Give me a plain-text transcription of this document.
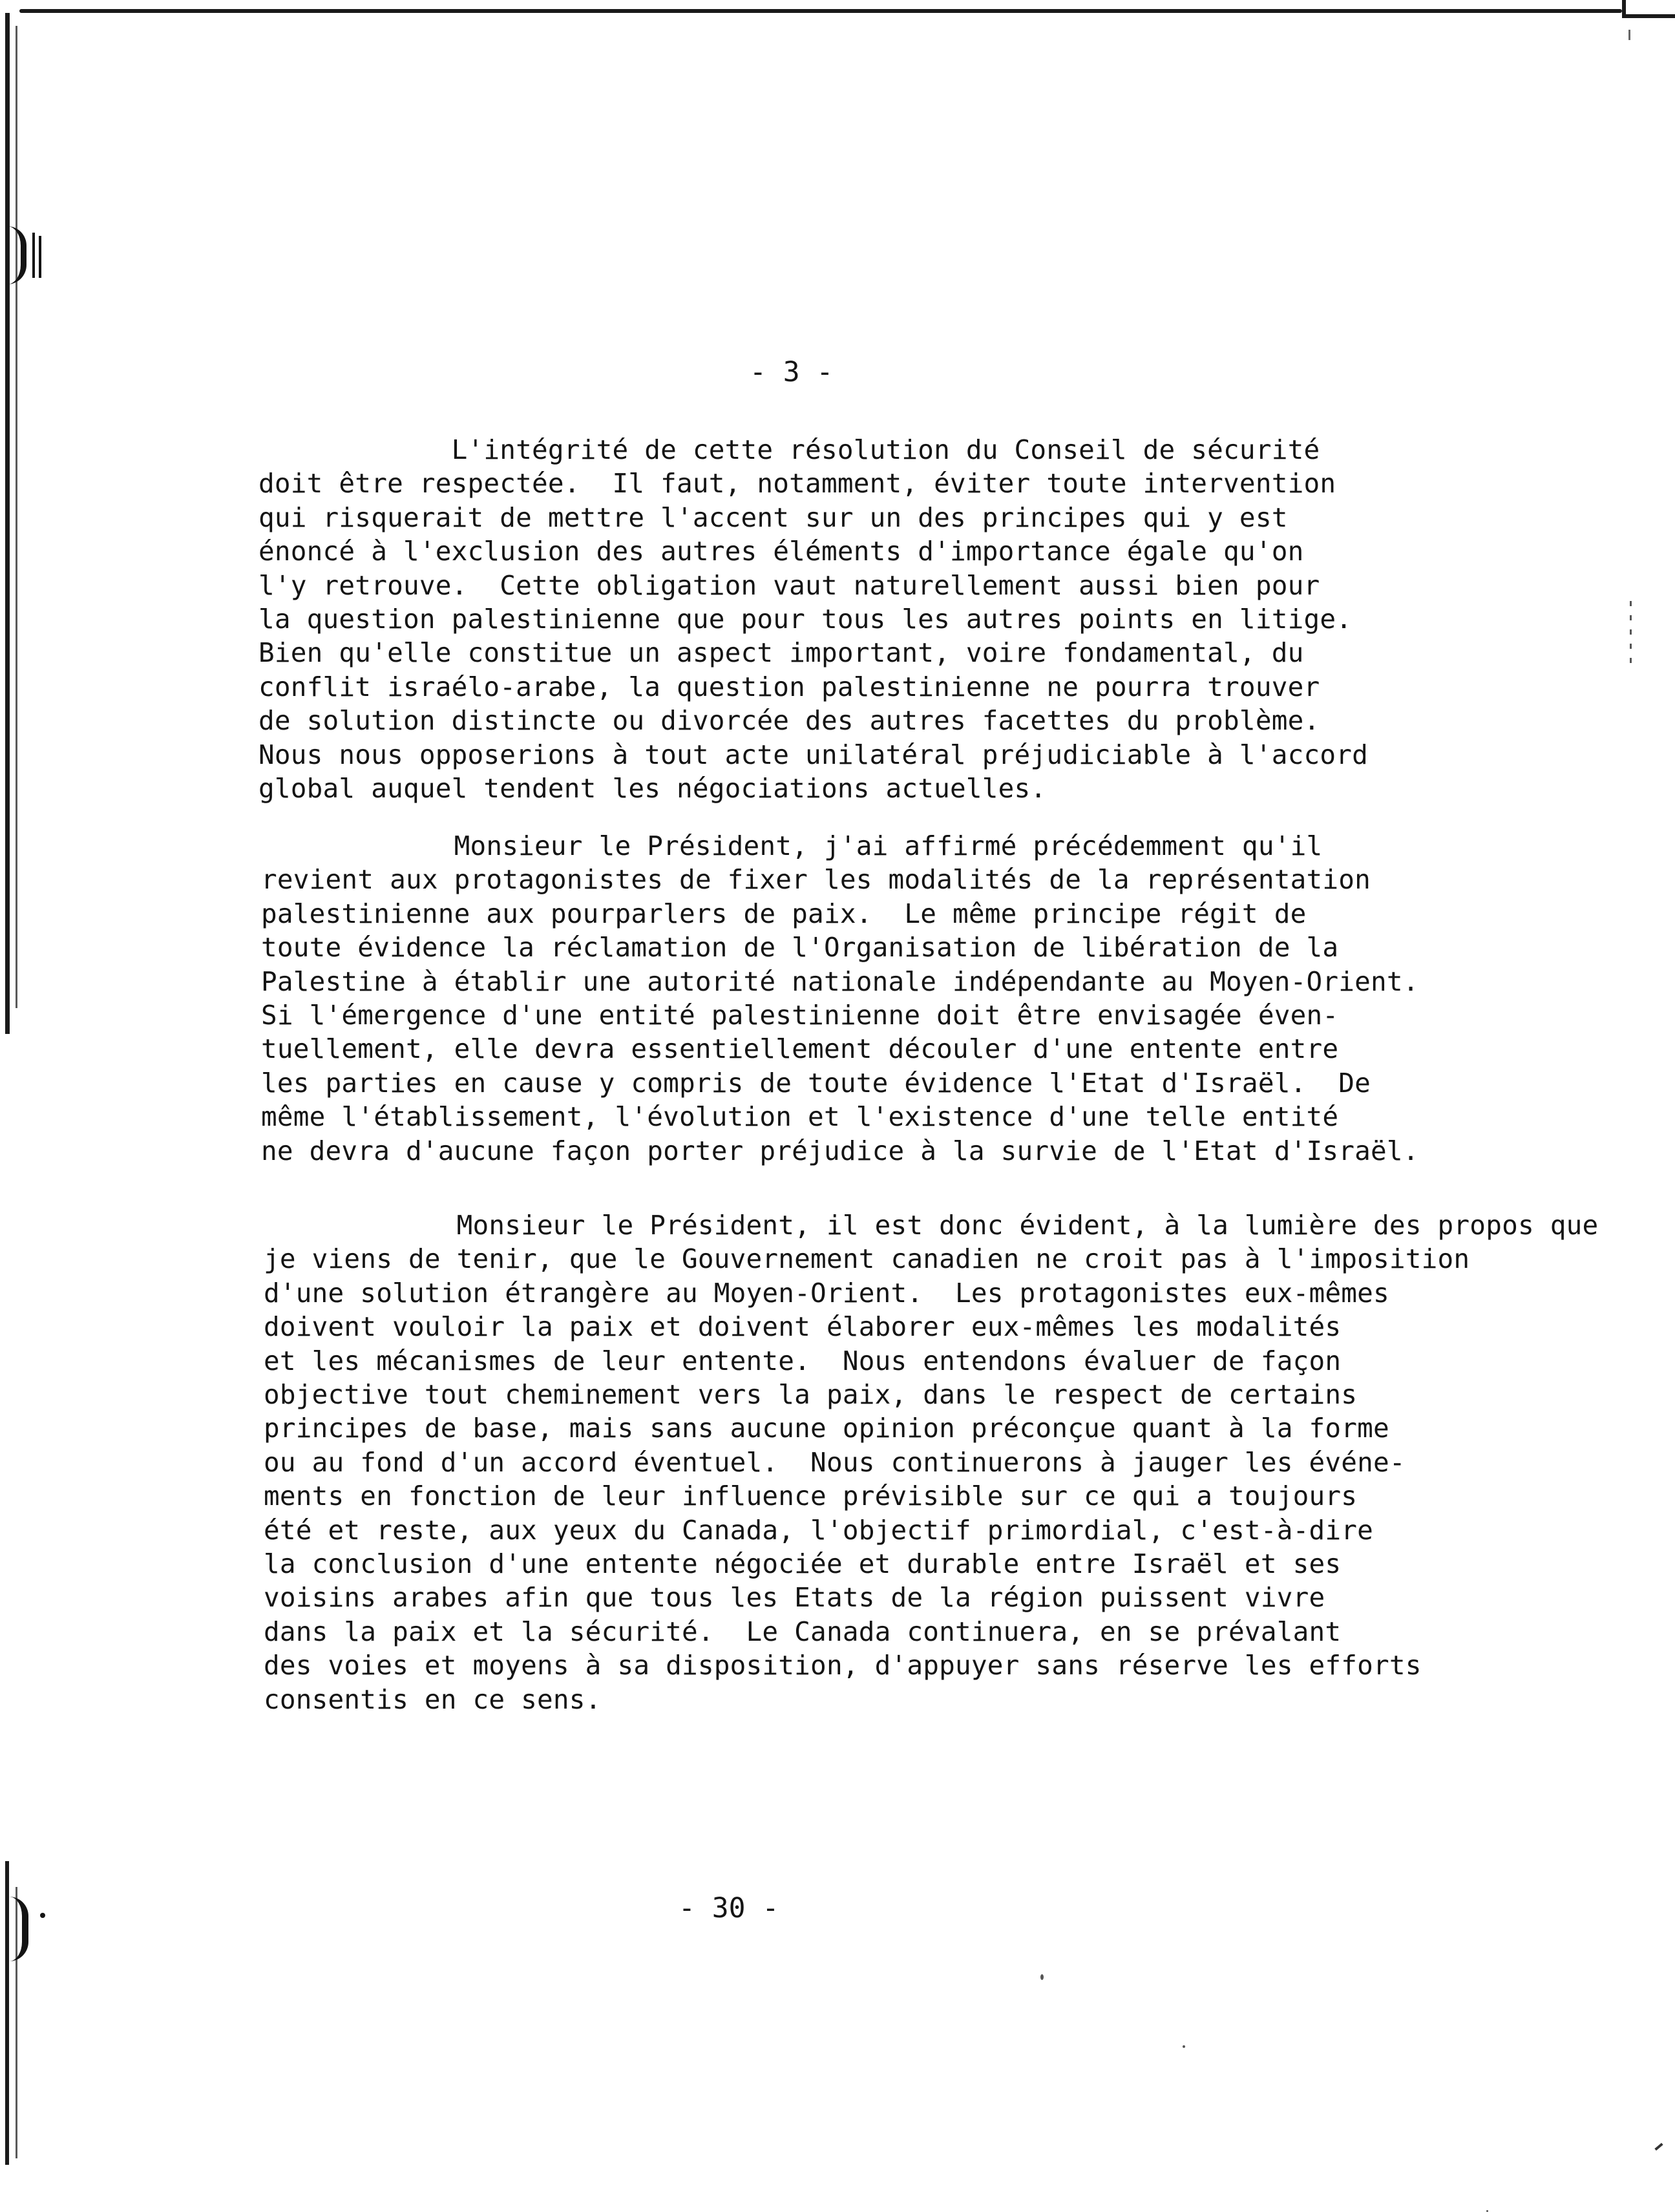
- 3 -
L'intégrité de cette résolution du Conseil de sécurité
doit être respectée.  Il faut, notamment, éviter toute intervention
qui risquerait de mettre l'accent sur un des principes qui y est
énoncé à l'exclusion des autres éléments d'importance égale qu'on
l'y retrouve.  Cette obligation vaut naturellement aussi bien pour
la question palestinienne que pour tous les autres points en litige.
Bien qu'elle constitue un aspect important, voire fondamental, du
conflit israélo-arabe, la question palestinienne ne pourra trouver
de solution distincte ou divorcée des autres facettes du problème.
Nous nous opposerions à tout acte unilatéral préjudiciable à l'accord
global auquel tendent les négociations actuelles.
Monsieur le Président, j'ai affirmé précédemment qu'il
revient aux protagonistes de fixer les modalités de la représentation
palestinienne aux pourparlers de paix.  Le même principe régit de
toute évidence la réclamation de l'Organisation de libération de la
Palestine à établir une autorité nationale indépendante au Moyen-Orient.
Si l'émergence d'une entité palestinienne doit être envisagée éven-
tuellement, elle devra essentiellement découler d'une entente entre
les parties en cause y compris de toute évidence l'Etat d'Israël.  De
même l'établissement, l'évolution et l'existence d'une telle entité
ne devra d'aucune façon porter préjudice à la survie de l'Etat d'Israël.
Monsieur le Président, il est donc évident, à la lumière des propos que
je viens de tenir, que le Gouvernement canadien ne croit pas à l'imposition
d'une solution étrangère au Moyen-Orient.  Les protagonistes eux-mêmes
doivent vouloir la paix et doivent élaborer eux-mêmes les modalités
et les mécanismes de leur entente.  Nous entendons évaluer de façon
objective tout cheminement vers la paix, dans le respect de certains
principes de base, mais sans aucune opinion préconçue quant à la forme
ou au fond d'un accord éventuel.  Nous continuerons à jauger les événe-
ments en fonction de leur influence prévisible sur ce qui a toujours
été et reste, aux yeux du Canada, l'objectif primordial, c'est-à-dire
la conclusion d'une entente négociée et durable entre Israël et ses
voisins arabes afin que tous les Etats de la région puissent vivre
dans la paix et la sécurité.  Le Canada continuera, en se prévalant
des voies et moyens à sa disposition, d'appuyer sans réserve les efforts
consentis en ce sens.
- 30 -
